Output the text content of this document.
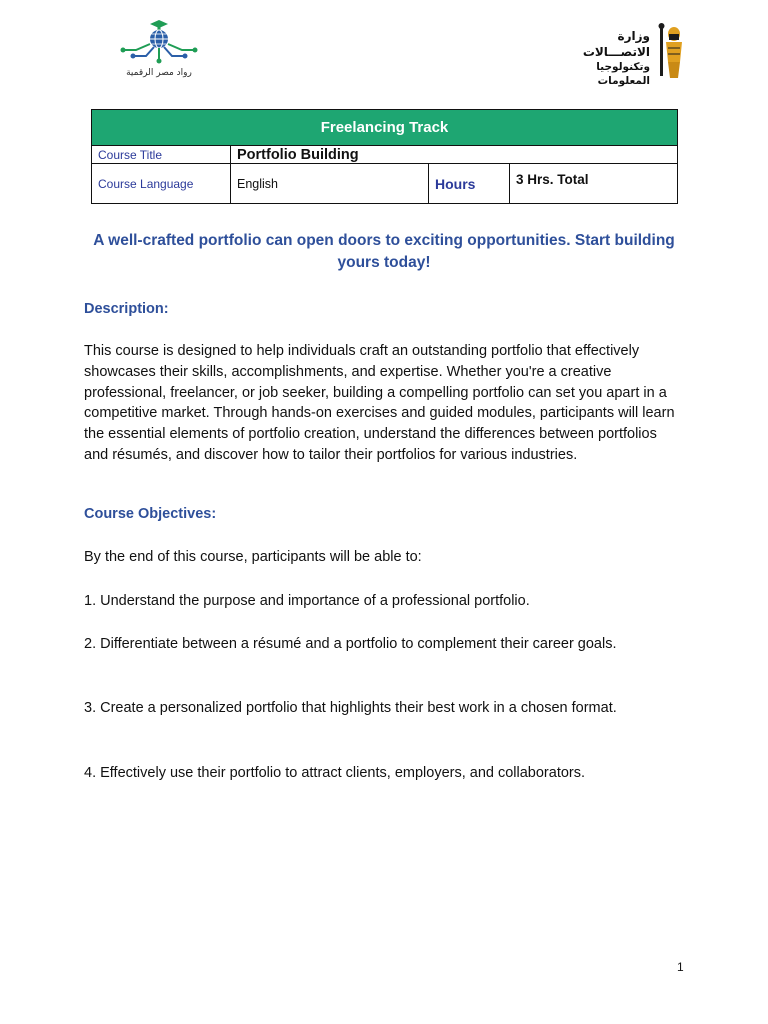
رواد مصر الرقمية
وزارة الاتصـــالات
وتكنولوجيا المعلومات
Freelancing Track			
Course Title	Portfolio Building		
Course Language	English	Hours	3 Hrs. Total
A well-crafted portfolio can open doors to exciting opportunities. Start building yours today!
Description:
This course is designed to help individuals craft an outstanding portfolio that effectively showcases their skills, accomplishments, and expertise. Whether you're a creative professional, freelancer, or job seeker, building a compelling portfolio can set you apart in a competitive market. Through hands-on exercises and guided modules, participants will learn the essential elements of portfolio creation, understand the differences between portfolios and résumés, and discover how to tailor their portfolios for various industries.
Course Objectives:
By the end of this course, participants will be able to:
1. Understand the purpose and importance of a professional portfolio.
2. Differentiate between a résumé and a portfolio to complement their career goals.
3. Create a personalized portfolio that highlights their best work in a chosen format.
4. Effectively use their portfolio to attract clients, employers, and collaborators.
1
